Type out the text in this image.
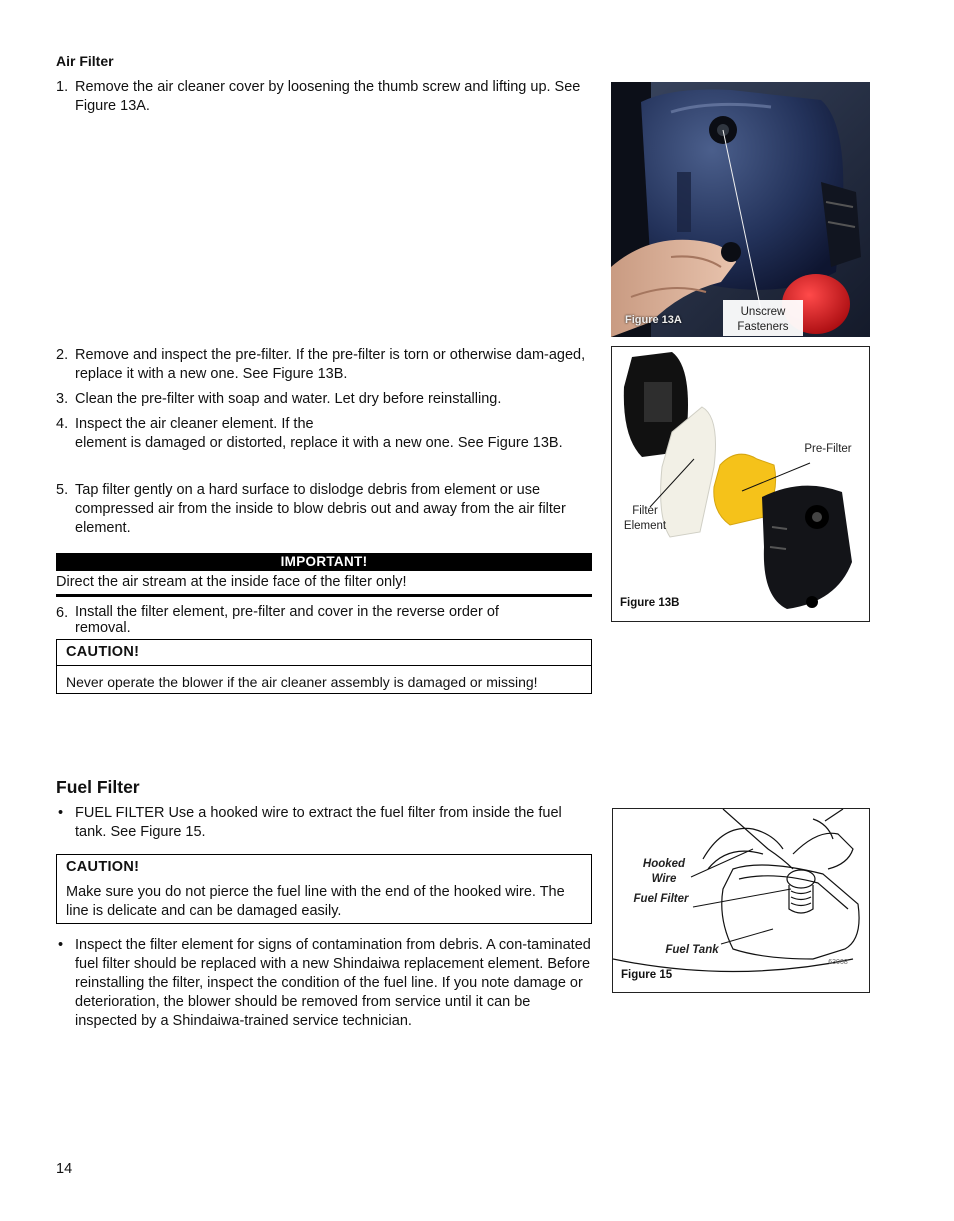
Air Filter
1. Remove the air cleaner cover by loosening the thumb screw and lifting up. See Figure 13A.
2. Remove and inspect the pre-filter. If the pre-filter is torn or otherwise dam-aged, replace it with a new one. See Figure 13B.
3. Clean the pre-filter with soap and water. Let dry before reinstalling.
4. Inspect the air cleaner element. If the
element is damaged or distorted, replace it with a new one. See Figure 13B.
5. Tap filter gently on a hard surface to dislodge debris from element or use compressed air from the inside to blow debris out and away from the air filter element.
IMPORTANT!
Direct the air stream at the inside face of the filter only!
6. Install the filter element, pre-filter and cover in the reverse order of removal.
CAUTION!
Never operate the blower if the air cleaner assembly is damaged or missing!
Fuel Filter
• FUEL FILTER Use a hooked wire to extract the fuel filter from inside the fuel tank. See Figure 15.
CAUTION!
Make sure you do not pierce the fuel line with the end of the hooked wire. The line is delicate and can be damaged easily.
• Inspect the filter element for signs of contamination from debris. A con-taminated fuel filter should be replaced with a new Shindaiwa replacement element. Before reinstalling the filter, inspect the condition of the fuel line. If you note damage or deterioration, the blower should be removed from service until it can be inspected by a Shindaiwa-trained service technician.
Unscrew Fasteners
Figure 13A
Pre-Filter
Filter Element
Figure 13B
Hooked Wire
Fuel Filter
Fuel Tank
63008
Figure 15
14
